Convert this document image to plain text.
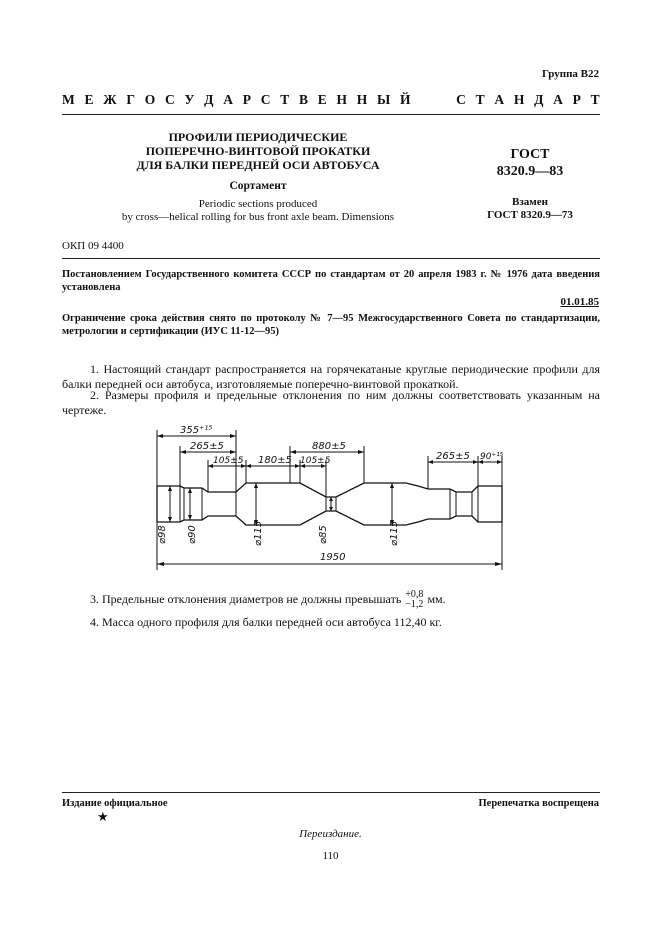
Группа В22
М Е Ж Г О С У Д А Р С Т В Е Н Н Ы Й	С Т А Н Д А Р Т
ПРОФИЛИ ПЕРИОДИЧЕСКИЕ
ПОПЕРЕЧНО-ВИНТОВОЙ ПРОКАТКИ
ДЛЯ БАЛКИ ПЕРЕДНЕЙ ОСИ АВТОБУСА
Сортамент
Periodic sections produced
by cross—helical rolling for bus front axle beam. Dimensions
ГОСТ
8320.9—83
Взамен
ГОСТ 8320.9—73
ОКП 09 4400
Постановлением Государственного комитета СССР по стандартам от 20 апреля 1983 г. № 1976 дата введения установлена
01.01.85
Ограничение срока действия снято по протоколу № 7—95 Межгосударственного Совета по стандартизации, метрологии и сертификации (ИУС 11-12—95)
1. Настоящий стандарт распространяется на горячекатаные круглые периодические профили для балки передней оси автобуса, изготовляемые поперечно-винтовой прокаткой.
2. Размеры профиля и предельные отклонения по ним должны соответствовать указанным на чертеже.
355⁺¹⁵
265±5
105±5 180±5 105±5
880±5
265±5 90⁺¹⁵
1950
⌀98 ⌀90	⌀115	⌀85	⌀115
3. Предельные отклонения диаметров не должны превышать +0,8
−1,2 мм.
4. Масса одного профиля для балки передней оси автобуса 112,40 кг.
Издание официальное	Перепечатка воспрещена
★
Переиздание.
110
